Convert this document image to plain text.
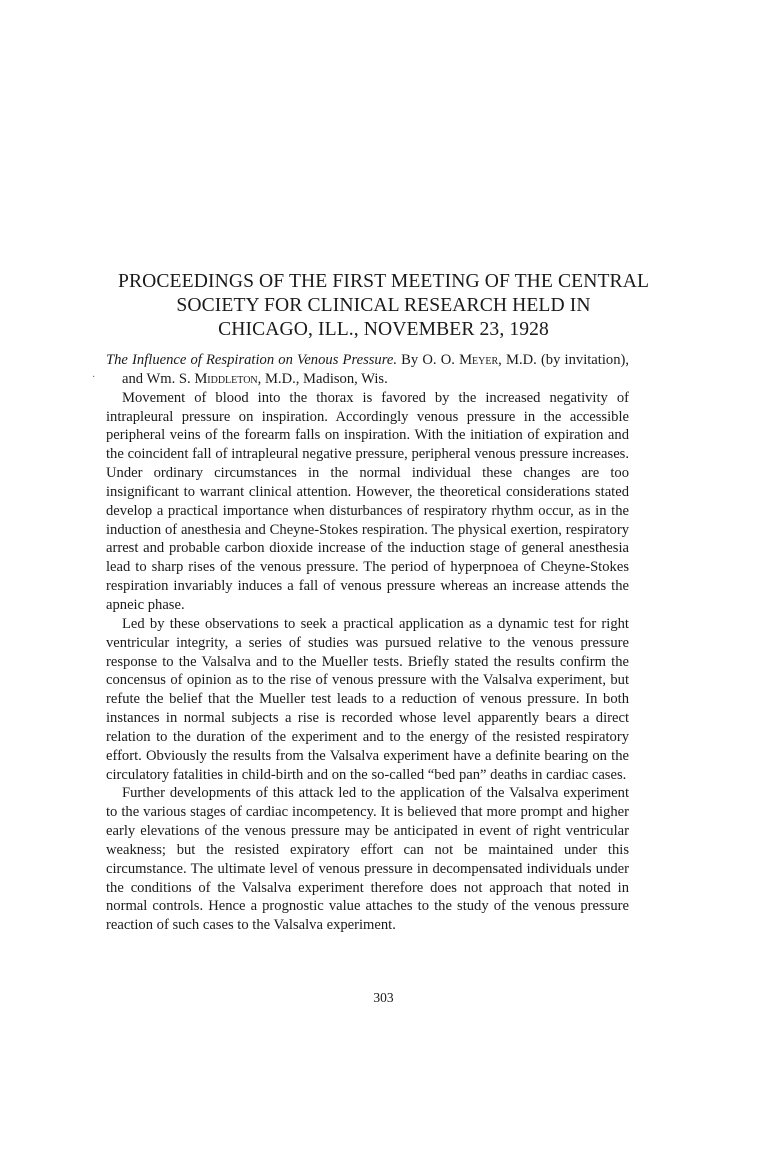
PROCEEDINGS OF THE FIRST MEETING OF THE CENTRAL
SOCIETY FOR CLINICAL RESEARCH HELD IN
CHICAGO, ILL., NOVEMBER 23, 1928
·

The Influence of Respiration on Venous Pressure. By O. O. Meyer, M.D. (by invitation), and Wm. S. Middleton, M.D., Madison, Wis.

Movement of blood into the thorax is favored by the increased negativity of intrapleural pressure on inspiration. Accordingly venous pressure in the accessible peripheral veins of the forearm falls on inspiration. With the initiation of expiration and the coincident fall of intrapleural negative pressure, peripheral venous pressure increases. Under ordinary circumstances in the normal individual these changes are too insignificant to warrant clinical attention. However, the theoretical considerations stated develop a practical importance when disturbances of respiratory rhythm occur, as in the induction of anesthesia and Cheyne-Stokes respiration. The physical exertion, respiratory arrest and probable carbon dioxide increase of the induction stage of general anesthesia lead to sharp rises of the venous pressure. The period of hyperpnoea of Cheyne-Stokes respiration invariably induces a fall of venous pressure whereas an increase attends the apneic phase.

Led by these observations to seek a practical application as a dynamic test for right ventricular integrity, a series of studies was pursued relative to the venous pressure response to the Valsalva and to the Mueller tests. Briefly stated the results confirm the concensus of opinion as to the rise of venous pressure with the Valsalva experiment, but refute the belief that the Mueller test leads to a reduction of venous pressure. In both instances in normal subjects a rise is recorded whose level apparently bears a direct relation to the duration of the experiment and to the energy of the resisted respiratory effort. Obviously the results from the Valsalva experiment have a definite bearing on the circulatory fatalities in child-birth and on the so-called “bed pan” deaths in cardiac cases.

Further developments of this attack led to the application of the Valsalva experiment to the various stages of cardiac incompetency. It is believed that more prompt and higher early elevations of the venous pressure may be anticipated in event of right ventricular weakness; but the resisted expiratory effort can not be maintained under this circumstance. The ultimate level of venous pressure in decompensated individuals under the conditions of the Valsalva experiment therefore does not approach that noted in normal controls. Hence a prognostic value attaches to the study of the venous pressure reaction of such cases to the Valsalva experiment.

303
